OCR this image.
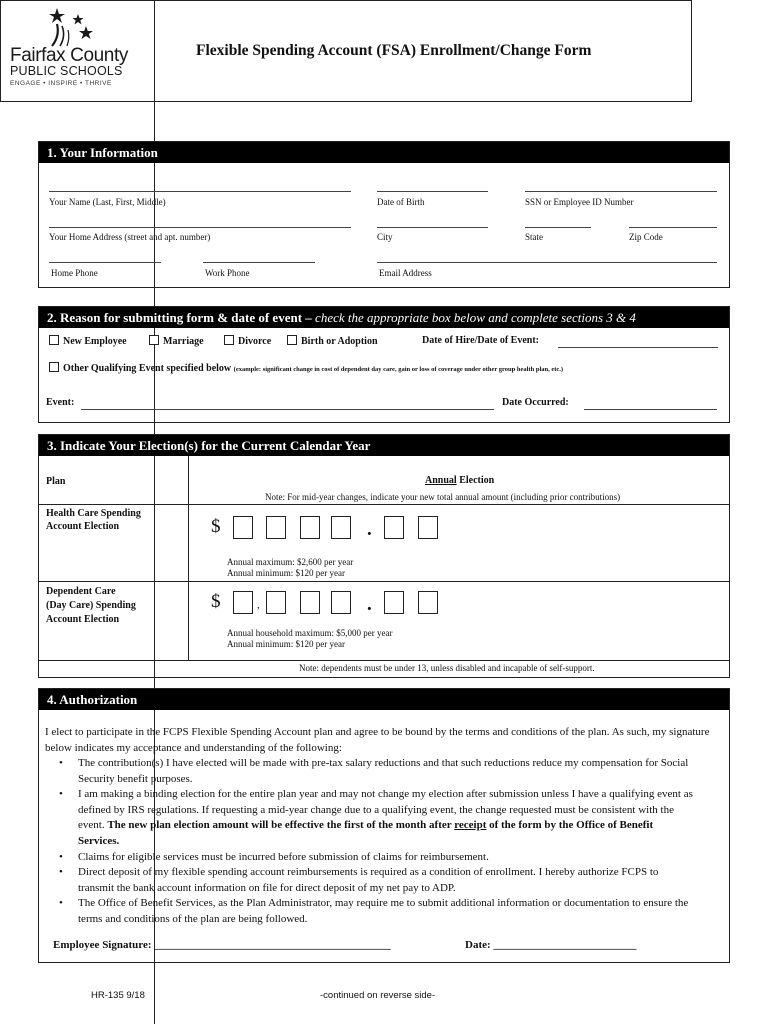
Fairfax County
PUBLIC SCHOOLS
ENGAGE • INSPIRE • THRIVE
Flexible Spending Account (FSA) Enrollment/Change Form
1. Your Information
Your Name (Last, First, Middle)	Date of Birth	SSN or Employee ID Number
Your Home Address (street and apt. number)	City	State	Zip Code
Home Phone	Work Phone	Email Address
2. Reason for submitting form & date of event – check the appropriate box below and complete sections 3 & 4
New Employee	Marriage	Divorce	Birth or Adoption	Date of Hire/Date of Event:
Other Qualifying Event specified below (example: significant change in cost of dependent day care, gain or loss of coverage under other group health plan, etc.)
Event:	Date Occurred:
3. Indicate Your Election(s) for the Current Calendar Year
Plan	Annual Election
Note: For mid-year changes, indicate your new total annual amount (including prior contributions)
Health Care Spending
Account Election	$	.
Annual maximum: $2,600 per year
Annual minimum: $120 per year
Dependent Care
(Day Care) Spending
Account Election
$	,	.
Annual household maximum: $5,000 per year
Annual minimum: $120 per year
Note: dependents must be under 13, unless disabled and incapable of self-support.
4. Authorization
I elect to participate in the FCPS Flexible Spending Account plan and agree to be bound by the terms and conditions of the plan. As such, my signature below indicates my acceptance and understanding of the following:
• The contribution(s) I have elected will be made with pre-tax salary reductions and that such reductions reduce my compensation for Social Security benefit purposes.
• I am making a binding election for the entire plan year and may not change my election after submission unless I have a qualifying event as defined by IRS regulations. If requesting a mid-year change due to a qualifying event, the change requested must be consistent with the event. The new plan election amount will be effective the first of the month after receipt of the form by the Office of Benefit Services.
• Claims for eligible services must be incurred before submission of claims for reimbursement.
• Direct deposit of my flexible spending account reimbursements is required as a condition of enrollment. I hereby authorize FCPS to transmit the bank account information on file for direct deposit of my net pay to ADP.
• The Office of Benefit Services, as the Plan Administrator, may require me to submit additional information or documentation to ensure the terms and conditions of the plan are being followed.
Employee Signature: ___________________________________________	Date: __________________________
HR-135 9/18	-continued on reverse side-
